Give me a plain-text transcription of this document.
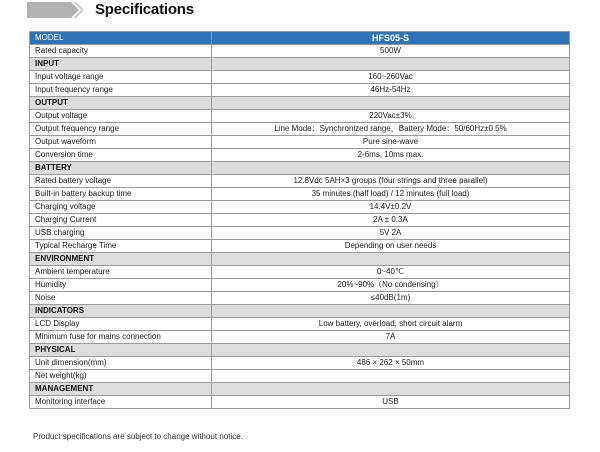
Specifications
MODEL	HFS05-S
Rated capacity	500W
INPUT	
Input voltage range	160~260Vac
Input frequency range	46Hz-54Hz
OUTPUT	
Output voltage	220Vac±3%
Output frequency range	Line Mode：Synchronized range，Battery Mode：50/60Hz±0.5%
Output waveform	Pure sine-wave
Conversion time	2-6ms, 10ms max.
BATTERY	
Rated battery voltage	12.8Vdc 5AH×3 groups (four strings and three parallel)
Built-in battery backup time	35 minutes (half load) / 12 minutes (full load)
Charging voltage	14.4V±0.2V
Charging Current	2A ± 0.3A
USB charging	5V 2A
Typical Recharge Time	Depending on user needs
ENVIRONMENT	
Ambient temperature	0~40℃
Humidity	20%~90%（No condensing）
Noise	≤40dB(1m)
INDICATORS	
LCD Display	Low battery, overload, short circuit alarm
Minimum fuse for mains connection	7A
PHYSICAL	
Unit dimension(mm)	486 × 262 × 50mm
Net weight(kg)	
MANAGEMENT	
Monitoring interface	USB
Product specifications are subject to change without notice.
